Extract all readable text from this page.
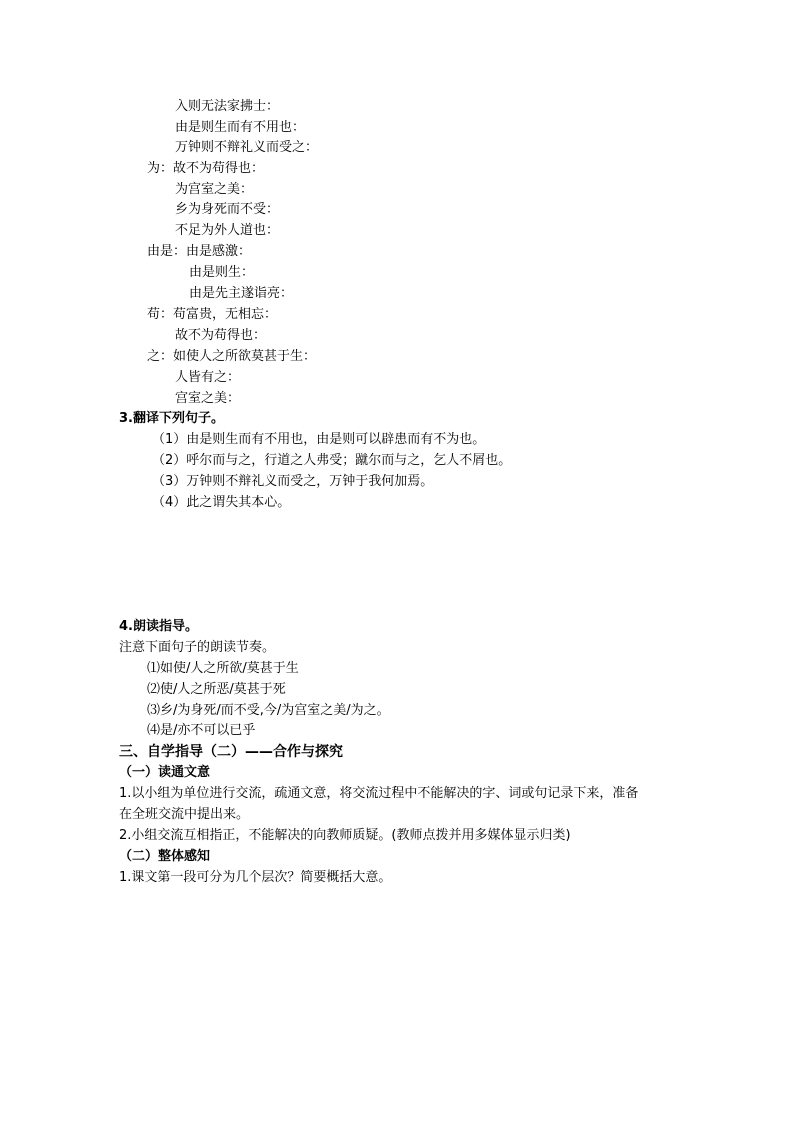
入则无法家拂士：
由是则生而有不用也：
万钟则不辩礼义而受之：
为：故不为苟得也：
为宫室之美：
乡为身死而不受：
不足为外人道也：
由是：由是感激：
由是则生：
由是先主遂诣亮：
苟：苟富贵，无相忘：
故不为苟得也：
之：如使人之所欲莫甚于生：
人皆有之：
宫室之美：
3.翻译下列句子。
（1）由是则生而有不用也，由是则可以辟患而有不为也。
（2）呼尔而与之，行道之人弗受；蹴尔而与之，乞人不屑也。
（3）万钟则不辩礼义而受之，万钟于我何加焉。
（4）此之谓失其本心。
4.朗读指导。
注意下面句子的朗读节奏。
⑴如使/人之所欲/莫甚于生
⑵使/人之所恶/莫甚于死
⑶乡/为身死/而不受,今/为宫室之美/为之。
⑷是/亦不可以已乎
三、自学指导（二）——合作与探究
（一）读通文意
1.以小组为单位进行交流，疏通文意，将交流过程中不能解决的字、词或句记录下来，准备
在全班交流中提出来。
2.小组交流互相指正，不能解决的向教师质疑。(教师点拨并用多媒体显示归类)
（二）整体感知
1.课文第一段可分为几个层次？简要概括大意。
